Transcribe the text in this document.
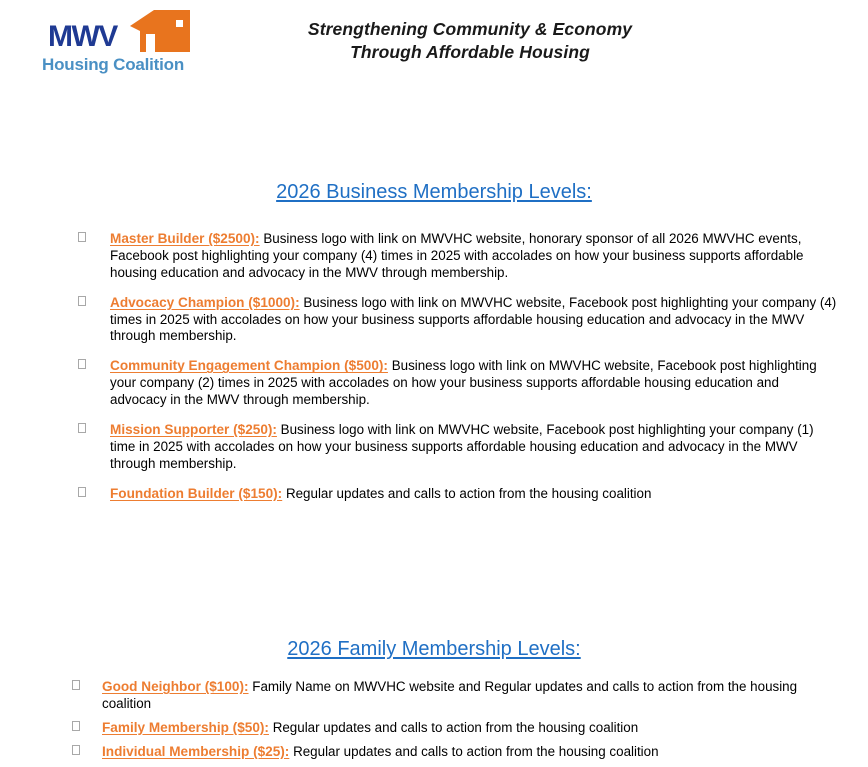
MWV
Housing Coalition
Strengthening Community & Economy
Through Affordable Housing
2026 Business Membership Levels:
Master Builder ($2500): Business logo with link on MWVHC website, honorary sponsor of all 2026 MWVHC events, Facebook post highlighting your company (4) times in 2025 with accolades on how your business supports affordable housing education and advocacy in the MWV through membership.
Advocacy Champion ($1000): Business logo with link on MWVHC website, Facebook post highlighting your company (4) times in 2025 with accolades on how your business supports affordable housing education and advocacy in the MWV through membership.
Community Engagement Champion ($500): Business logo with link on MWVHC website, Facebook post highlighting your company (2) times in 2025 with accolades on how your business supports affordable housing education and advocacy in the MWV through membership.
Mission Supporter ($250): Business logo with link on MWVHC website, Facebook post highlighting your company (1) time in 2025 with accolades on how your business supports affordable housing education and advocacy in the MWV through membership.
Foundation Builder ($150): Regular updates and calls to action from the housing coalition
2026 Family Membership Levels:
Good Neighbor ($100): Family Name on MWVHC website and Regular updates and calls to action from the housing coalition
Family Membership ($50): Regular updates and calls to action from the housing coalition
Individual Membership ($25): Regular updates and calls to action from the housing coalition
